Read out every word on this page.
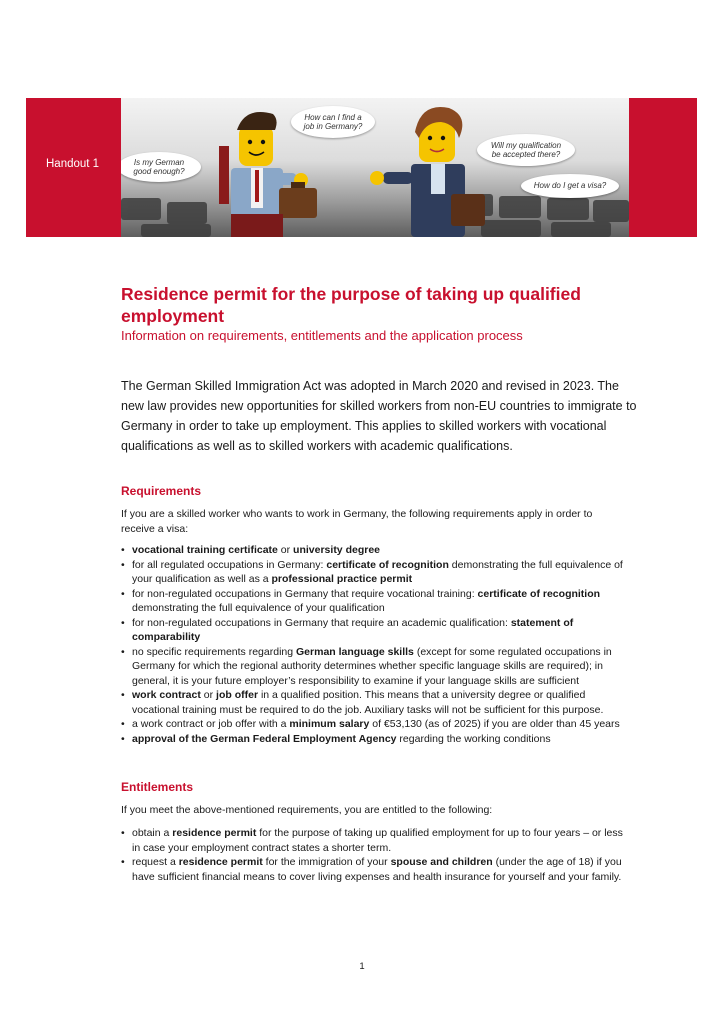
Handout 1
How can I find a job in Germany?
Is my German good enough?
Will my qualification be accepted there?
How do I get a visa?
Residence permit for the purpose of taking up qualified employment

Information on requirements, entitlements and the application process

The German Skilled Immigration Act was adopted in March 2020 and revised in 2023. The new law provides new opportunities for skilled workers from non-EU countries to immigrate to Germany in order to take up employment. This applies to skilled workers with vocational qualifications as well as to skilled workers with academic qualifications.

Requirements

If you are a skilled worker who wants to work in Germany, the following requirements apply in order to receive a visa:

• vocational training certificate or university degree
• for all regulated occupations in Germany: certificate of recognition demonstrating the full equivalence of your qualification as well as a professional practice permit
• for non-regulated occupations in Germany that require vocational training: certificate of recognition demonstrating the full equivalence of your qualification
• for non-regulated occupations in Germany that require an academic qualification: statement of comparability
• no specific requirements regarding German language skills (except for some regulated occupations in Germany for which the regional authority determines whether specific language skills are required); in general, it is your future employer’s responsibility to examine if your language skills are sufficient
• work contract or job offer in a qualified position. This means that a university degree or qualified vocational training must be required to do the job. Auxiliary tasks will not be sufficient for this purpose.
• a work contract or job offer with a minimum salary of €53,130 (as of 2025) if you are older than 45 years
• approval of the German Federal Employment Agency regarding the working conditions
Entitlements

If you meet the above-mentioned requirements, you are entitled to the following:

• obtain a residence permit for the purpose of taking up qualified employment for up to four years – or less in case your employment contract states a shorter term.
• request a residence permit for the immigration of your spouse and children (under the age of 18) if you have sufficient financial means to cover living expenses and health insurance for yourself and your family.
1
